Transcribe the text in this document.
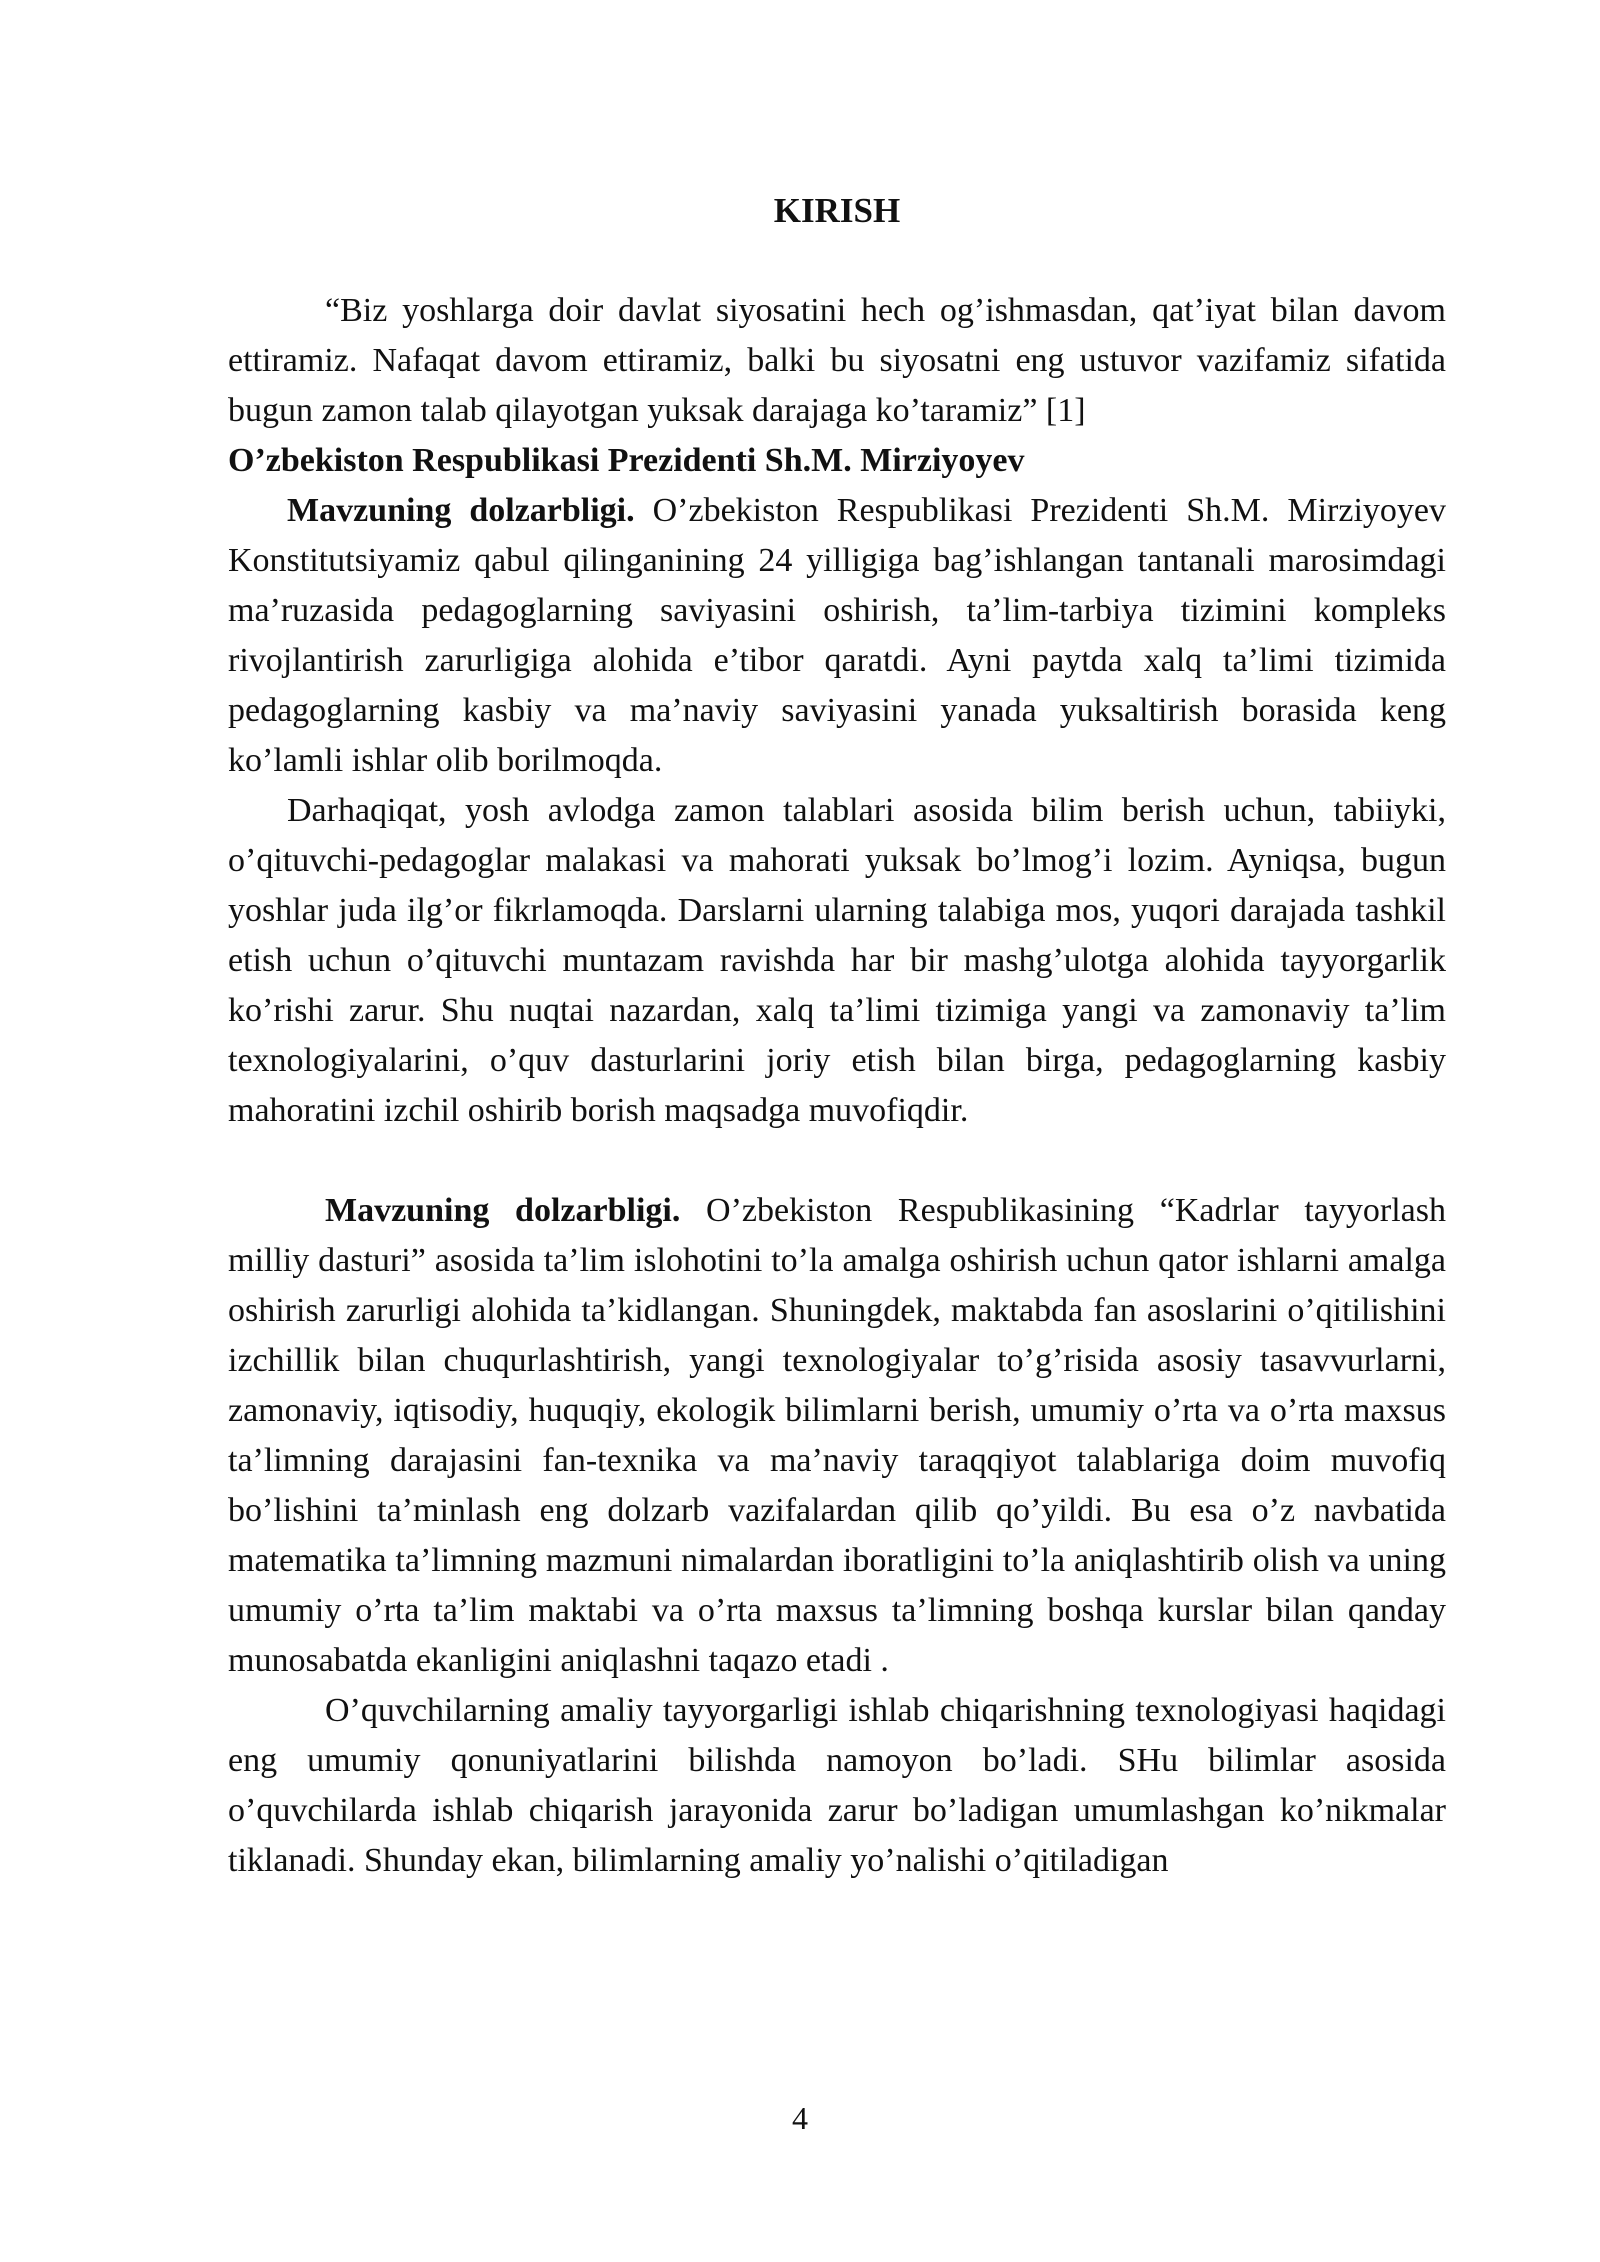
KIRISH

“Biz yoshlarga doir davlat siyosatini hech og’ishmasdan, qat’iyat bilan davom ettiramiz. Nafaqat davom ettiramiz, balki bu siyosatni eng ustuvor vazifamiz sifatida bugun zamon talab qilayotgan yuksak darajaga ko’taramiz” [1]

O’zbekiston Respublikasi Prezidenti Sh.M. Mirziyoyev

Mavzuning dolzarbligi. O’zbekiston Respublikasi Prezidenti Sh.M. Mirziyoyev Konstitutsiyamiz qabul qilinganining 24 yilligiga bag’ishlangan tantanali marosimdagi ma’ruzasida pedagoglarning saviyasini oshirish, ta’lim-tarbiya tizimini kompleks rivojlantirish zarurligiga alohida e’tibor qaratdi. Ayni paytda xalq ta’limi tizimida pedagoglarning kasbiy va ma’naviy saviyasini yanada yuksaltirish borasida keng ko’lamli ishlar olib borilmoqda.

Darhaqiqat, yosh avlodga zamon talablari asosida bilim berish uchun, tabiiyki, o’qituvchi-pedagoglar malakasi va mahorati yuksak bo’lmog’i lozim. Ayniqsa, bugun yoshlar juda ilg’or fikrlamoqda. Darslarni ularning talabiga mos, yuqori darajada tashkil etish uchun o’qituvchi muntazam ravishda har bir mashg’ulotga alohida tayyorgarlik ko’rishi zarur. Shu nuqtai nazardan, xalq ta’limi tizimiga yangi va zamonaviy ta’lim texnologiyalarini, o’quv dasturlarini joriy etish bilan birga, pedagoglarning kasbiy mahoratini izchil oshirib borish maqsadga muvofiqdir.

Mavzuning dolzarbligi. O’zbekiston Respublikasining “Kadrlar tayyorlash milliy dasturi” asosida ta’lim islohotini to’la amalga oshirish uchun qator ishlarni amalga oshirish zarurligi alohida ta’kidlangan. Shuningdek, maktabda fan asoslarini o’qitilishini izchillik bilan chuqurlashtirish, yangi texnologiyalar to’g’risida asosiy tasavvurlarni, zamonaviy, iqtisodiy, huquqiy, ekologik bilimlarni berish, umumiy o’rta va o’rta maxsus ta’limning darajasini fan-texnika va ma’naviy taraqqiyot talablariga doim muvofiq bo’lishini ta’minlash eng dolzarb vazifalardan qilib qo’yildi. Bu esa o’z navbatida matematika ta’limning mazmuni nimalardan iboratligini to’la aniqlashtirib olish va uning umumiy o’rta ta’lim maktabi va o’rta maxsus ta’limning boshqa kurslar bilan qanday munosabatda ekanligini aniqlashni taqazo etadi .

O’quvchilarning amaliy tayyorgarligi ishlab chiqarishning texnologiyasi haqidagi eng umumiy qonuniyatlarini bilishda namoyon bo’ladi. SHu bilimlar asosida o’quvchilarda ishlab chiqarish jarayonida zarur bo’ladigan umumlashgan ko’nikmalar tiklanadi. Shunday ekan, bilimlarning amaliy yo’nalishi o’qitiladigan

4
